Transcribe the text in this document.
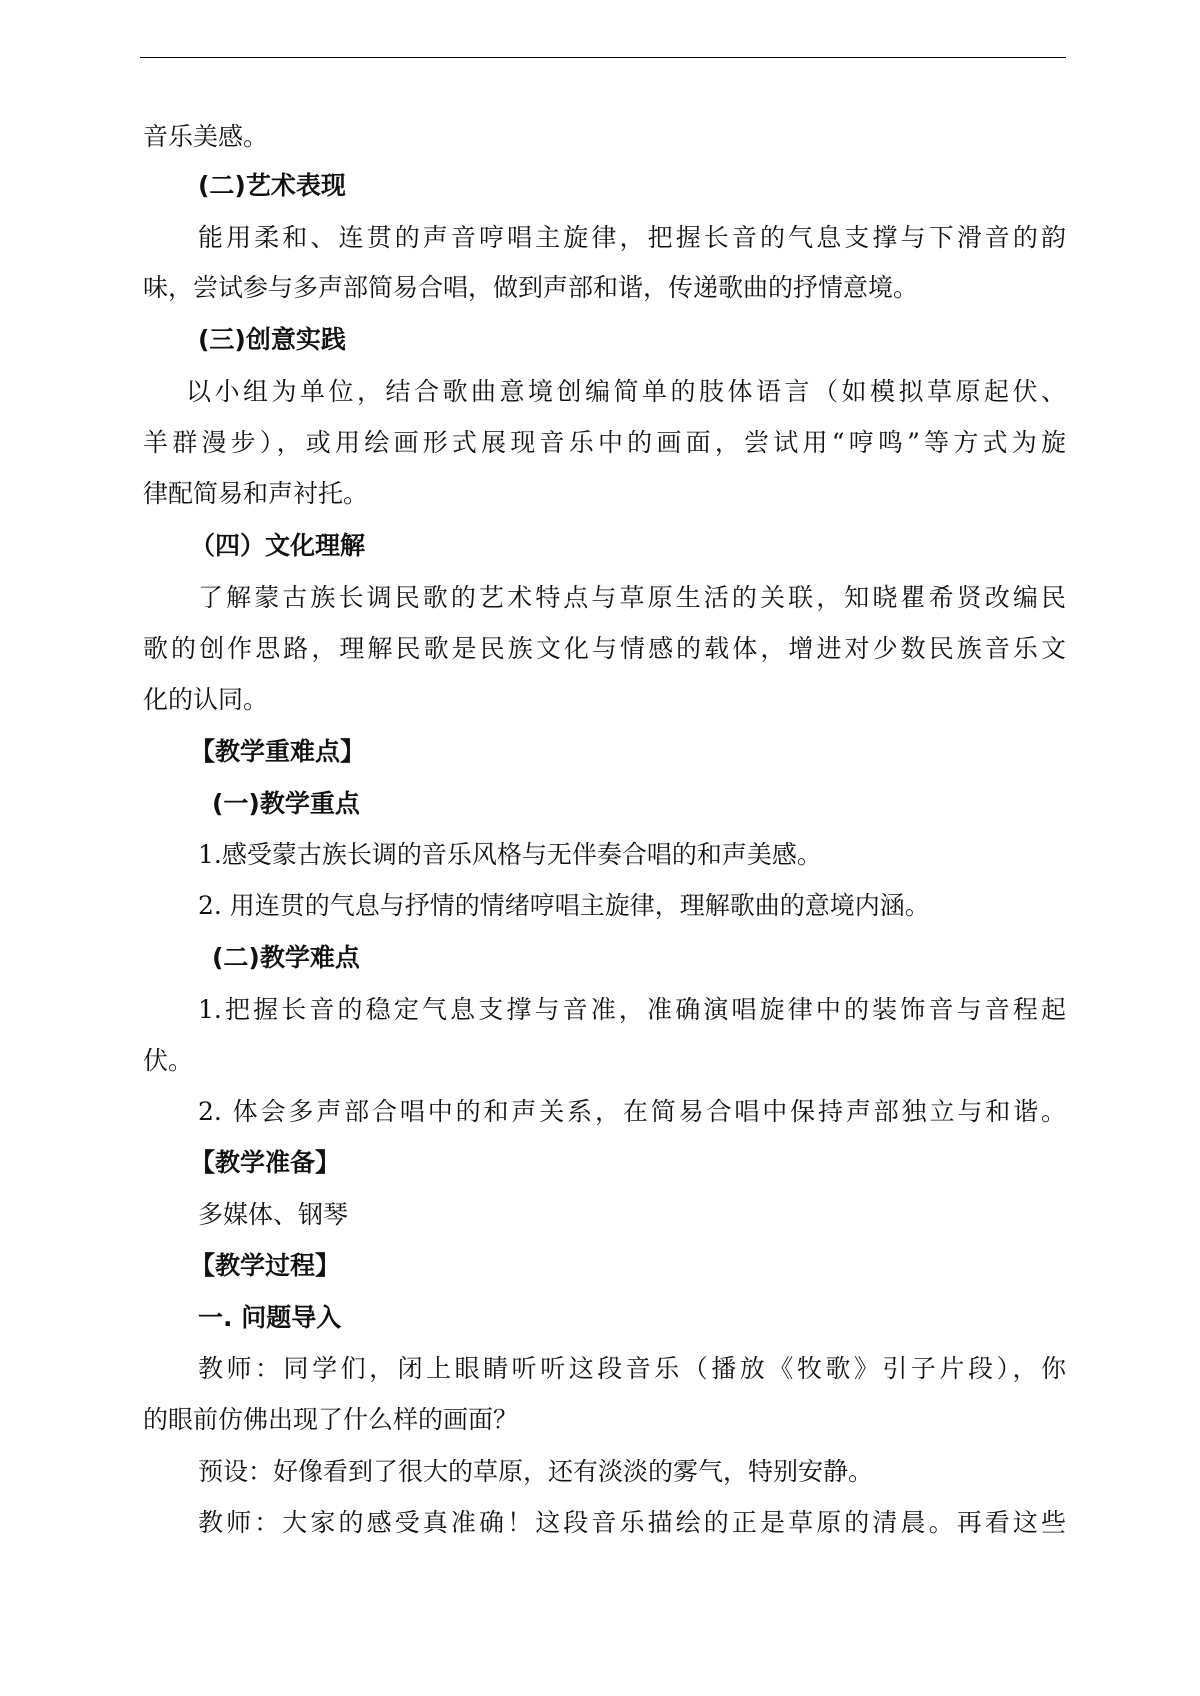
音乐美感。
(二)艺术表现
能用柔和、连贯的声音哼唱主旋律，把握长音的气息支撑与下滑音的韵
味，尝试参与多声部简易合唱，做到声部和谐，传递歌曲的抒情意境。
(三)创意实践
以小组为单位，结合歌曲意境创编简单的肢体语言（如模拟草原起伏、
羊群漫步），或用绘画形式展现音乐中的画面，尝试用“哼鸣”等方式为旋
律配简易和声衬托。
（四）文化理解
了解蒙古族长调民歌的艺术特点与草原生活的关联，知晓瞿希贤改编民
歌的创作思路，理解民歌是民族文化与情感的载体，增进对少数民族音乐文
化的认同。
【教学重难点】
(一)教学重点
1.感受蒙古族长调的音乐风格与无伴奏合唱的和声美感。
2. 用连贯的气息与抒情的情绪哼唱主旋律，理解歌曲的意境内涵。
(二)教学难点
1.把握长音的稳定气息支撑与音准，准确演唱旋律中的装饰音与音程起
伏。
2. 体会多声部合唱中的和声关系，在简易合唱中保持声部独立与和谐。
【教学准备】
多媒体、钢琴
【教学过程】
一. 问题导入
教师：同学们，闭上眼睛听听这段音乐（播放《牧歌》引子片段），你
的眼前仿佛出现了什么样的画面？
预设：好像看到了很大的草原，还有淡淡的雾气，特别安静。
教师：大家的感受真准确！这段音乐描绘的正是草原的清晨。再看这些
